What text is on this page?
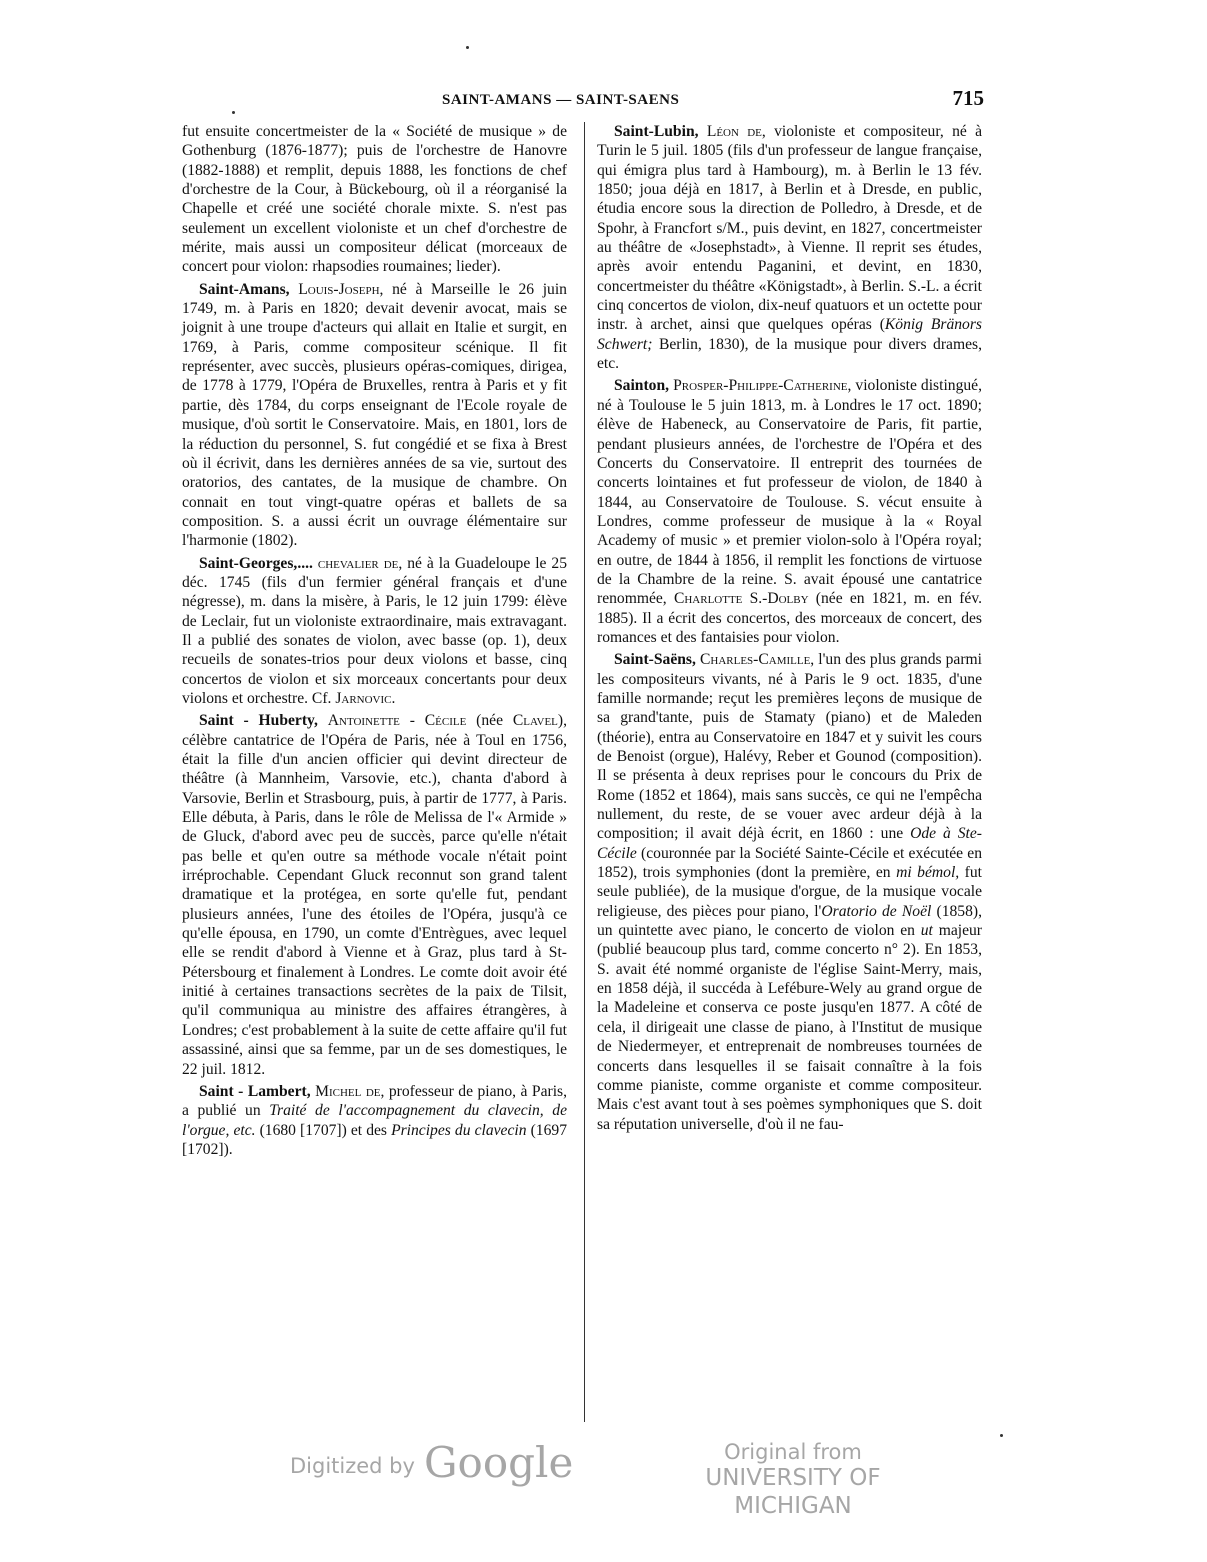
SAINT-AMANS — SAINT-SAENS	715

fut ensuite concertmeister de la « Société de musique » de Gothenburg (1876-1877); puis de l'orchestre de Hanovre (1882-1888) et remplit, depuis 1888, les fonctions de chef d'orchestre de la Cour, à Bückebourg, où il a réorganisé la Chapelle et créé une société chorale mixte. S. n'est pas seulement un excellent violoniste et un chef d'orchestre de mérite, mais aussi un compositeur délicat (morceaux de concert pour violon: rhapsodies roumaines; lieder).

Saint-Amans, Louis-Joseph, né à Marseille le 26 juin 1749, m. à Paris en 1820; devait devenir avocat, mais se joignit à une troupe d'acteurs qui allait en Italie et surgit, en 1769, à Paris, comme compositeur scénique. Il fit représenter, avec succès, plusieurs opéras-comiques, dirigea, de 1778 à 1779, l'Opéra de Bruxelles, rentra à Paris et y fit partie, dès 1784, du corps enseignant de l'Ecole royale de musique, d'où sortit le Conservatoire. Mais, en 1801, lors de la réduction du personnel, S. fut congédié et se fixa à Brest où il écrivit, dans les dernières années de sa vie, surtout des oratorios, des cantates, de la musique de chambre. On connait en tout vingt-quatre opéras et ballets de sa composition. S. a aussi écrit un ouvrage élémentaire sur l'harmonie (1802).

Saint-Georges,.... chevalier de, né à la Guadeloupe le 25 déc. 1745 (fils d'un fermier général français et d'une négresse), m. dans la misère, à Paris, le 12 juin 1799: élève de Leclair, fut un violoniste extraordinaire, mais extravagant. Il a publié des sonates de violon, avec basse (op. 1), deux recueils de sonates-trios pour deux violons et basse, cinq concertos de violon et six morceaux concertants pour deux violons et orchestre. Cf. Jarnovic.

Saint - Huberty, Antoinette - Cécile (née Clavel), célèbre cantatrice de l'Opéra de Paris, née à Toul en 1756, était la fille d'un ancien officier qui devint directeur de théâtre (à Mannheim, Varsovie, etc.), chanta d'abord à Varsovie, Berlin et Strasbourg, puis, à partir de 1777, à Paris. Elle débuta, à Paris, dans le rôle de Melissa de l'« Armide » de Gluck, d'abord avec peu de succès, parce qu'elle n'était pas belle et qu'en outre sa méthode vocale n'était point irréprochable. Cependant Gluck reconnut son grand talent dramatique et la protégea, en sorte qu'elle fut, pendant plusieurs années, l'une des étoiles de l'Opéra, jusqu'à ce qu'elle épousa, en 1790, un comte d'Entrègues, avec lequel elle se rendit d'abord à Vienne et à Graz, plus tard à St-Pétersbourg et finalement à Londres. Le comte doit avoir été initié à certaines transactions secrètes de la paix de Tilsit, qu'il communiqua au ministre des affaires étrangères, à Londres; c'est probablement à la suite de cette affaire qu'il fut assassiné, ainsi que sa femme, par un de ses domestiques, le 22 juil. 1812.

Saint - Lambert, Michel de, professeur de piano, à Paris, a publié un Traité de l'accompagnement du clavecin, de l'orgue, etc. (1680 [1707]) et des Principes du clavecin (1697 [1702]).

Saint-Lubin, Léon de, violoniste et compositeur, né à Turin le 5 juil. 1805 (fils d'un professeur de langue française, qui émigra plus tard à Hambourg), m. à Berlin le 13 fév. 1850; joua déjà en 1817, à Berlin et à Dresde, en public, étudia encore sous la direction de Polledro, à Dresde, et de Spohr, à Francfort s/M., puis devint, en 1827, concertmeister au théâtre de «Josephstadt», à Vienne. Il reprit ses études, après avoir entendu Paganini, et devint, en 1830, concertmeister du théâtre «Königstadt», à Berlin. S.-L. a écrit cinq concertos de violon, dix-neuf quatuors et un octette pour instr. à archet, ainsi que quelques opéras (König Bränors Schwert; Berlin, 1830), de la musique pour divers drames, etc.

Sainton, Prosper-Philippe-Catherine, violoniste distingué, né à Toulouse le 5 juin 1813, m. à Londres le 17 oct. 1890; élève de Habeneck, au Conservatoire de Paris, fit partie, pendant plusieurs années, de l'orchestre de l'Opéra et des Concerts du Conservatoire. Il entreprit des tournées de concerts lointaines et fut professeur de violon, de 1840 à 1844, au Conservatoire de Toulouse. S. vécut ensuite à Londres, comme professeur de musique à la « Royal Academy of music » et premier violon-solo à l'Opéra royal; en outre, de 1844 à 1856, il remplit les fonctions de virtuose de la Chambre de la reine. S. avait épousé une cantatrice renommée, Charlotte S.-Dolby (née en 1821, m. en fév. 1885). Il a écrit des concertos, des morceaux de concert, des romances et des fantaisies pour violon.

Saint-Saëns, Charles-Camille, l'un des plus grands parmi les compositeurs vivants, né à Paris le 9 oct. 1835, d'une famille normande; reçut les premières leçons de musique de sa grand'tante, puis de Stamaty (piano) et de Maleden (théorie), entra au Conservatoire en 1847 et y suivit les cours de Benoist (orgue), Halévy, Reber et Gounod (composition). Il se présenta à deux reprises pour le concours du Prix de Rome (1852 et 1864), mais sans succès, ce qui ne l'empêcha nullement, du reste, de se vouer avec ardeur déjà à la composition; il avait déjà écrit, en 1860 : une Ode à Ste-Cécile (couronnée par la Société Sainte-Cécile et exécutée en 1852), trois symphonies (dont la première, en mi bémol, fut seule publiée), de la musique d'orgue, de la musique vocale religieuse, des pièces pour piano, l'Oratorio de Noël (1858), un quintette avec piano, le concerto de violon en ut majeur (publié beaucoup plus tard, comme concerto n° 2). En 1853, S. avait été nommé organiste de l'église Saint-Merry, mais, en 1858 déjà, il succéda à Lefébure-Wely au grand orgue de la Madeleine et conserva ce poste jusqu'en 1877. A côté de cela, il dirigeait une classe de piano, à l'Institut de musique de Niedermeyer, et entreprenait de nombreuses tournées de concerts dans lesquelles il se faisait connaître à la fois comme pianiste, comme organiste et comme compositeur. Mais c'est avant tout à ses poèmes symphoniques que S. doit sa réputation universelle, d'où il ne fau-

Digitized by Google	Original from
UNIVERSITY OF MICHIGAN
